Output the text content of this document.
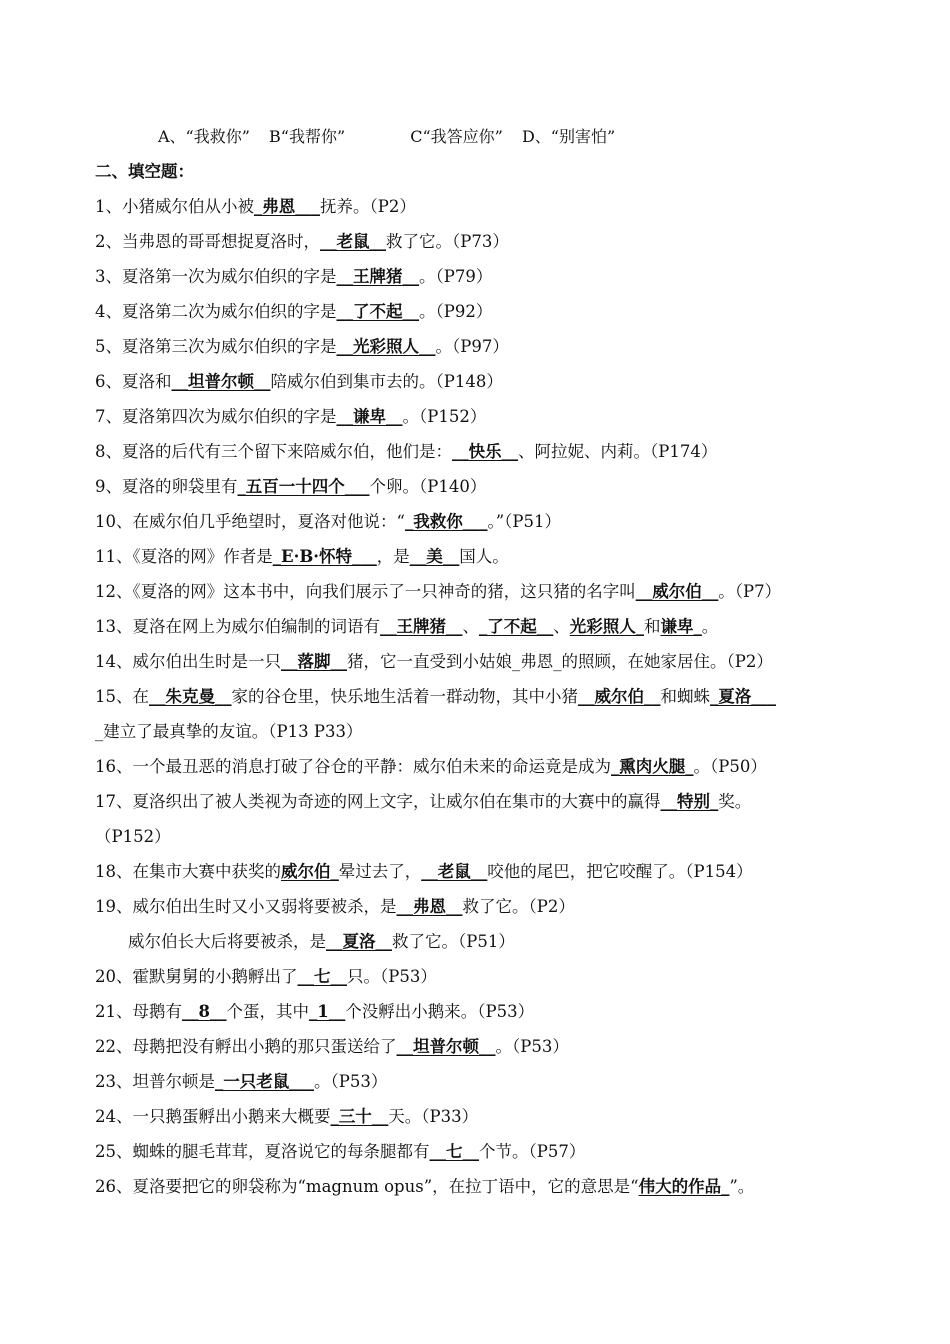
A、“我救你” B“我帮你”	C“我答应你” D、“别害怕”
二、填空题：
1、小猪威尔伯从小被_弗恩___抚养。（P2）
2、当弗恩的哥哥想捉夏洛时，__老鼠__救了它。（P73）
3、夏洛第一次为威尔伯织的字是__王牌猪__。（P79）
4、夏洛第二次为威尔伯织的字是__了不起__。（P92）
5、夏洛第三次为威尔伯织的字是__光彩照人__。（P97）
6、夏洛和__坦普尔顿__陪威尔伯到集市去的。（P148）
7、夏洛第四次为威尔伯织的字是__谦卑__。（P152）
8、夏洛的后代有三个留下来陪威尔伯，他们是：__快乐__、阿拉妮、内莉。（P174）
9、夏洛的卵袋里有_五百一十四个___个卵。（P140）
10、在威尔伯几乎绝望时，夏洛对他说：“_我救你___。”（P51）
11、《夏洛的网》作者是_E·B·怀特___，是__美__国人。
12、《夏洛的网》这本书中，向我们展示了一只神奇的猪，这只猪的名字叫__威尔伯__。（P7）
13、夏洛在网上为威尔伯编制的词语有__王牌猪__、_了不起__、光彩照人_和谦卑_。
14、威尔伯出生时是一只__落脚__猪，它一直受到小姑娘_弗恩_的照顾，在她家居住。（P2）
15、在__朱克曼__家的谷仓里，快乐地生活着一群动物，其中小猪__威尔伯__和蜘蛛_夏洛___
_建立了最真挚的友谊。（P13 P33）
16、一个最丑恶的消息打破了谷仓的平静：威尔伯未来的命运竟是成为_熏肉火腿_。（P50）
17、夏洛织出了被人类视为奇迹的网上文字，让威尔伯在集市的大赛中的赢得__特别_奖。
（P152）
18、在集市大赛中获奖的威尔伯_晕过去了，__老鼠__咬他的尾巴，把它咬醒了。（P154）
19、威尔伯出生时又小又弱将要被杀，是__弗恩__救了它。（P2）
威尔伯长大后将要被杀，是__夏洛__救了它。（P51）
20、霍默舅舅的小鹅孵出了__七__只。（P53）
21、母鹅有__8__个蛋，其中_1__个没孵出小鹅来。（P53）
22、母鹅把没有孵出小鹅的那只蛋送给了__坦普尔顿__。（P53）
23、坦普尔顿是_一只老鼠___。（P53）
24、一只鹅蛋孵出小鹅来大概要_三十__天。（P33）
25、蜘蛛的腿毛茸茸，夏洛说它的每条腿都有__七__个节。（P57）
26、夏洛要把它的卵袋称为“magnum opus”，在拉丁语中，它的意思是“伟大的作品_”。
